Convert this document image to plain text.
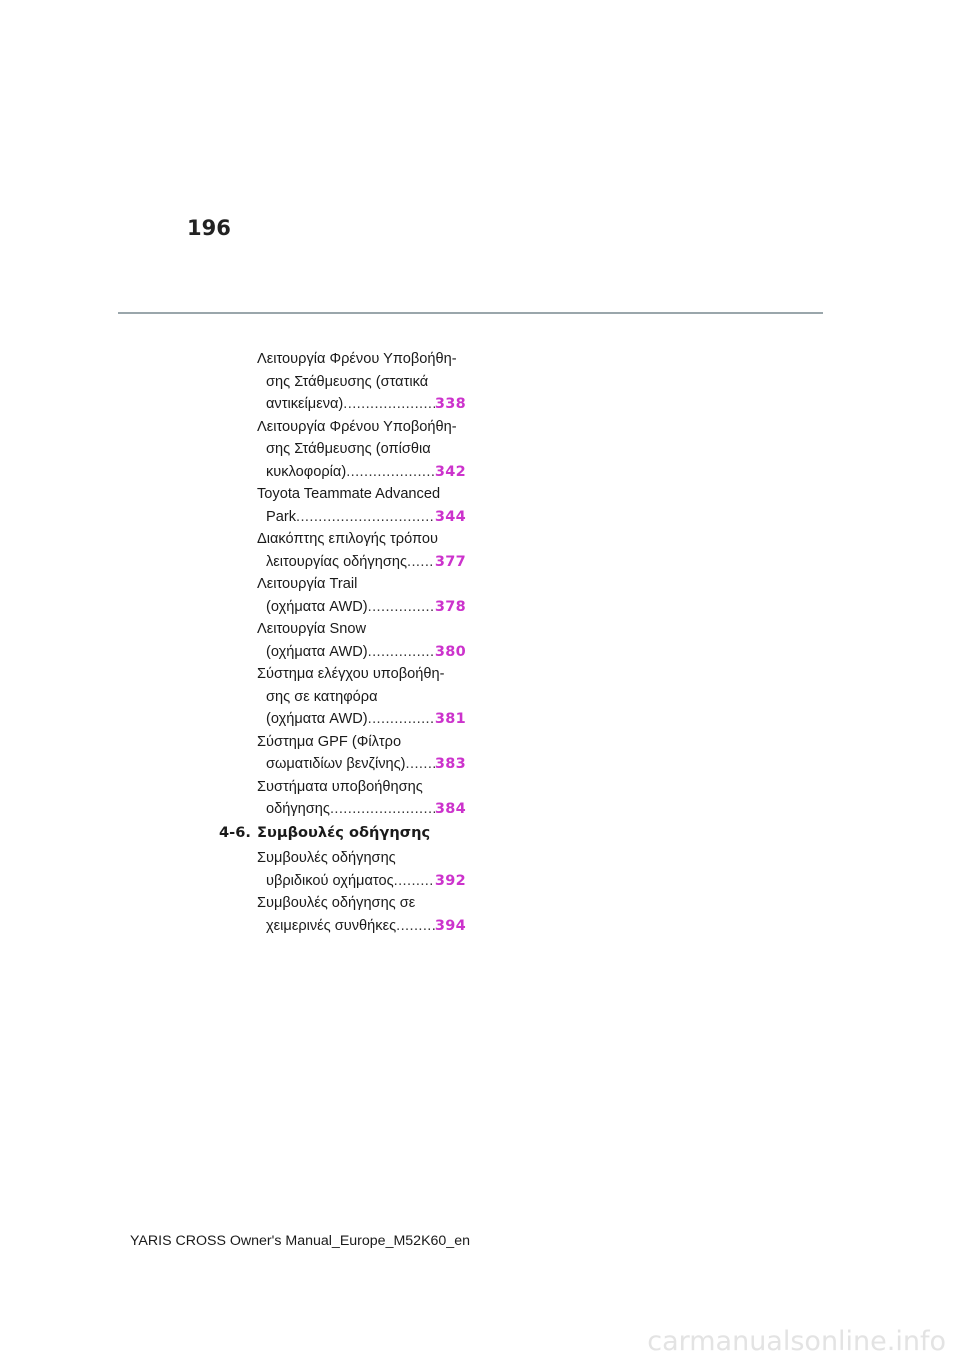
196
Λειτουργία Φρένου Υποβοήθη-
σης Στάθμευσης (στατικά
αντικείμενα) .....	338
Λειτουργία Φρένου Υποβοήθη-
σης Στάθμευσης (οπίσθια
κυκλοφορία) .....	342
Toyota Teammate Advanced
Park .....	344
Διακόπτης επιλογής τρόπου
λειτουργίας οδήγησης ..... 377
Λειτουργία Trail
(οχήματα AWD) .....	378
Λειτουργία Snow
(οχήματα AWD) .....	380
Σύστημα ελέγχου υποβοήθη-
σης σε κατηφόρα
(οχήματα AWD) .....	381
Σύστημα GPF (Φίλτρο
σωματιδίων βενζίνης) ..... 383
Συστήματα υποβοήθησης
οδήγησης .....	384
4-6. Συμβουλές οδήγησης
Συμβουλές οδήγησης
υβριδικού οχήματος .....	392
Συμβουλές οδήγησης σε
χειμερινές συνθήκες .....	394
YARIS CROSS Owner's Manual_Europe_M52K60_en
carmanualsonline.info
